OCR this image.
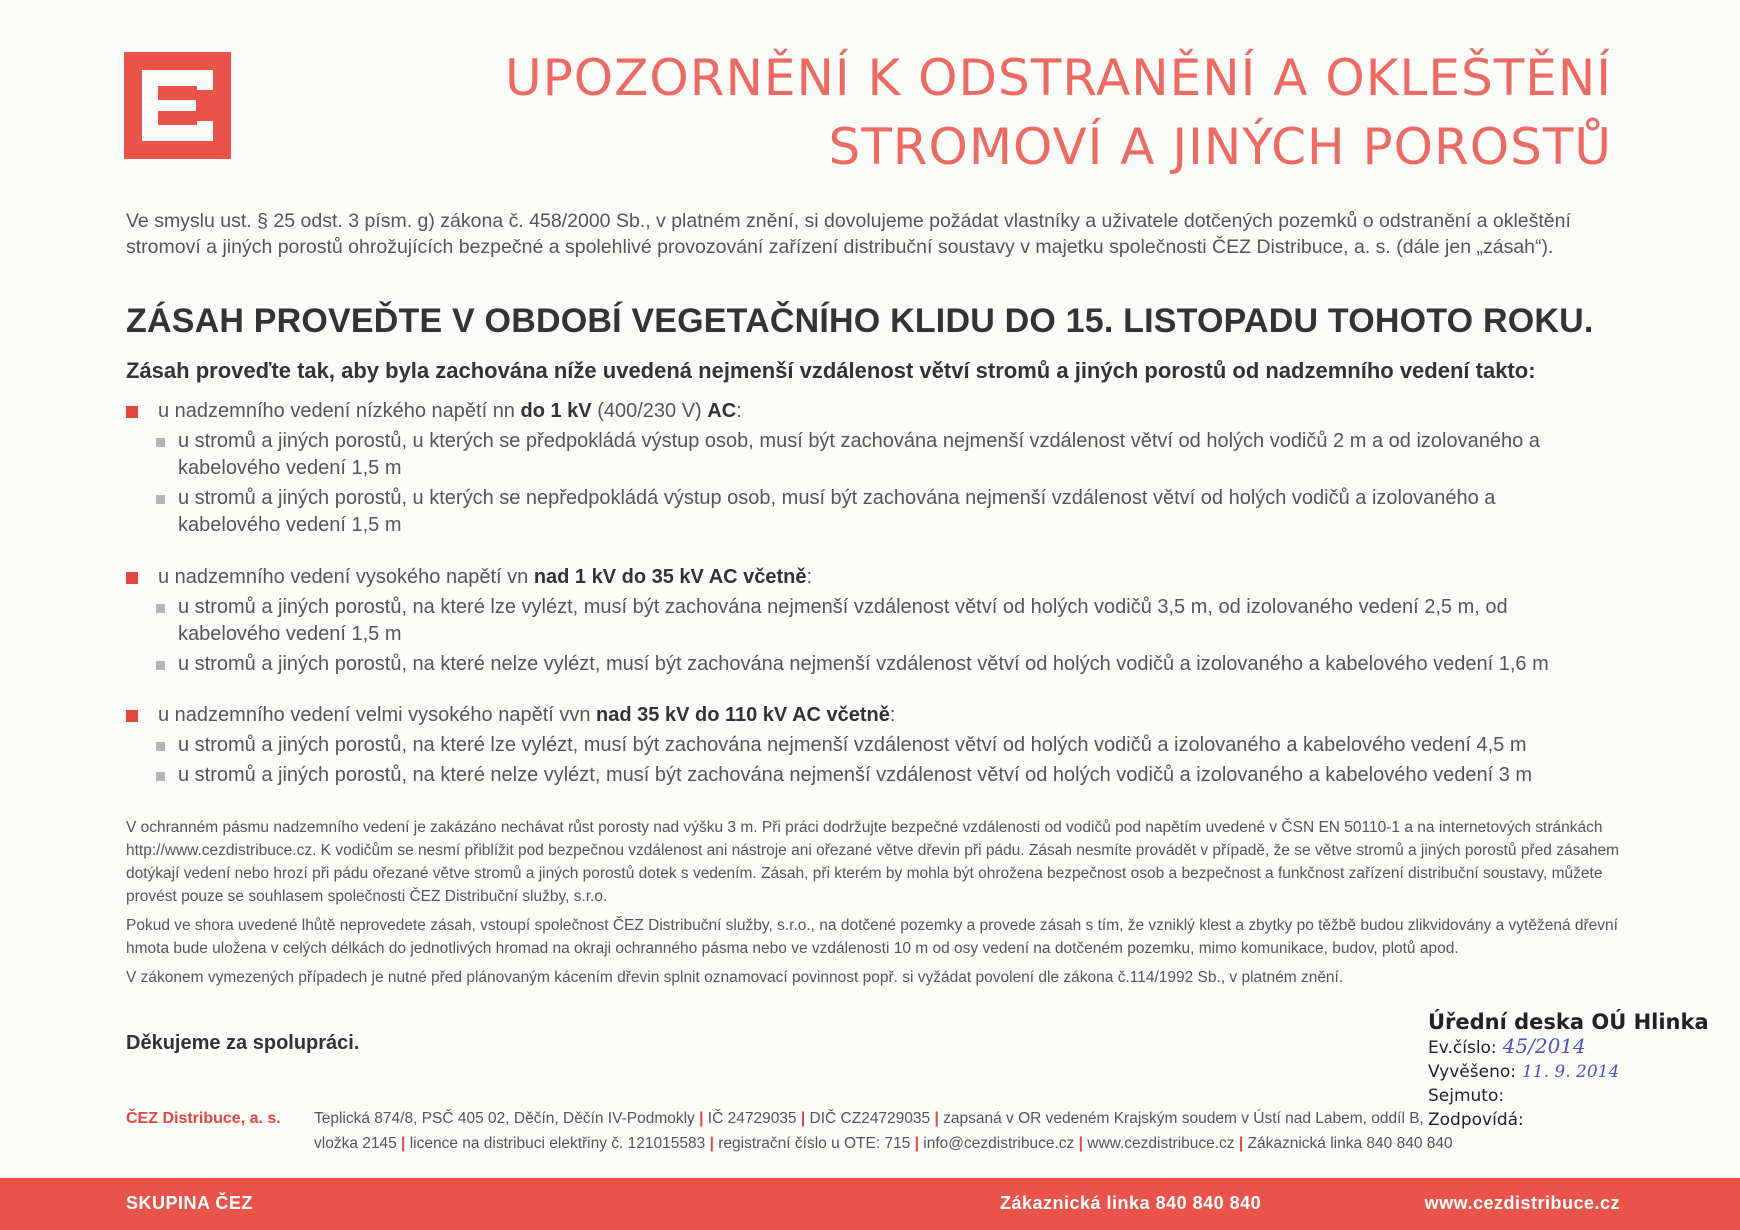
UPOZORNĚNÍ K ODSTRANĚNÍ A OKLEŠTĚNÍ
STROMOVÍ A JINÝCH POROSTŮ
Ve smyslu ust. § 25 odst. 3 písm. g) zákona č. 458/2000 Sb., v platném znění, si dovolujeme požádat vlastníky a uživatele dotčených pozemků o odstranění a okleštění stromoví a jiných porostů ohrožujících bezpečné a spolehlivé provozování zařízení distribuční soustavy v majetku společnosti ČEZ Distribuce, a. s. (dále jen „zásah“).
ZÁSAH PROVEĎTE V OBDOBÍ VEGETAČNÍHO KLIDU DO 15. LISTOPADU TOHOTO ROKU.
Zásah proveďte tak, aby byla zachována níže uvedená nejmenší vzdálenost větví stromů a jiných porostů od nadzemního vedení takto:
u nadzemního vedení nízkého napětí nn do 1 kV (400/230 V) AC:
u stromů a jiných porostů, u kterých se předpokládá výstup osob, musí být zachována nejmenší vzdálenost větví od holých vodičů 2 m a od izolovaného a kabelového vedení 1,5 m
u stromů a jiných porostů, u kterých se nepředpokládá výstup osob, musí být zachována nejmenší vzdálenost větví od holých vodičů a izolovaného a kabelového vedení 1,5 m
u nadzemního vedení vysokého napětí vn nad 1 kV do 35 kV AC včetně:
u stromů a jiných porostů, na které lze vylézt, musí být zachována nejmenší vzdálenost větví od holých vodičů 3,5 m, od izolovaného vedení 2,5 m, od kabelového vedení 1,5 m
u stromů a jiných porostů, na které nelze vylézt, musí být zachována nejmenší vzdálenost větví od holých vodičů a izolovaného a kabelového vedení 1,6 m
u nadzemního vedení velmi vysokého napětí vvn nad 35 kV do 110 kV AC včetně:
u stromů a jiných porostů, na které lze vylézt, musí být zachována nejmenší vzdálenost větví od holých vodičů a izolovaného a kabelového vedení 4,5 m
u stromů a jiných porostů, na které nelze vylézt, musí být zachována nejmenší vzdálenost větví od holých vodičů a izolovaného a kabelového vedení 3 m

V ochranném pásmu nadzemního vedení je zakázáno nechávat růst porosty nad výšku 3 m. Při práci dodržujte bezpečné vzdálenosti od vodičů pod napětím uvedené v ČSN EN 50110-1 a na internetových stránkách http://www.cezdistribuce.cz. K vodičům se nesmí přiblížit pod bezpečnou vzdálenost ani nástroje ani ořezané větve dřevin při pádu. Zásah nesmíte provádět v případě, že se větve stromů a jiných porostů před zásahem dotýkají vedení nebo hrozí při pádu ořezané větve stromů a jiných porostů dotek s vedením. Zásah, při kterém by mohla být ohrožena bezpečnost osob a bezpečnost a funkčnost zařízení distribuční soustavy, můžete provést pouze se souhlasem společnosti ČEZ Distribuční služby, s.r.o.

Pokud ve shora uvedené lhůtě neprovedete zásah, vstoupí společnost ČEZ Distribuční služby, s.r.o., na dotčené pozemky a provede zásah s tím, že vzniklý klest a zbytky po těžbě budou zlikvidovány a vytěžená dřevní hmota bude uložena v celých délkách do jednotlivých hromad na okraji ochranného pásma nebo ve vzdálenosti 10 m od osy vedení na dotčeném pozemku, mimo komunikace, budov, plotů apod.

V zákonem vymezených případech je nutné před plánovaným kácením dřevin splnit oznamovací povinnost popř. si vyžádat povolení dle zákona č.114/1992 Sb., v platném znění.

Děkujeme za spolupráci.
Úřední deska OÚ Hlinka
Ev.číslo: 45/2014
Vyvěšeno: 11. 9. 2014
Sejmuto:
Zodpovídá:
ČEZ Distribuce, a. s. Teplická 874/8, PSČ 405 02, Děčín, Děčín IV-Podmokly | IČ 24729035 | DIČ CZ24729035 | zapsaná v OR vedeném Krajským soudem v Ústí nad Labem, oddíl B,
vložka 2145 | licence na distribuci elektřiny č. 121015583 | registrační číslo u OTE: 715 | info@cezdistribuce.cz | www.cezdistribuce.cz | Zákaznická linka 840 840 840
SKUPINA ČEZ	Zákaznická linka 840 840 840	www.cezdistribuce.cz
